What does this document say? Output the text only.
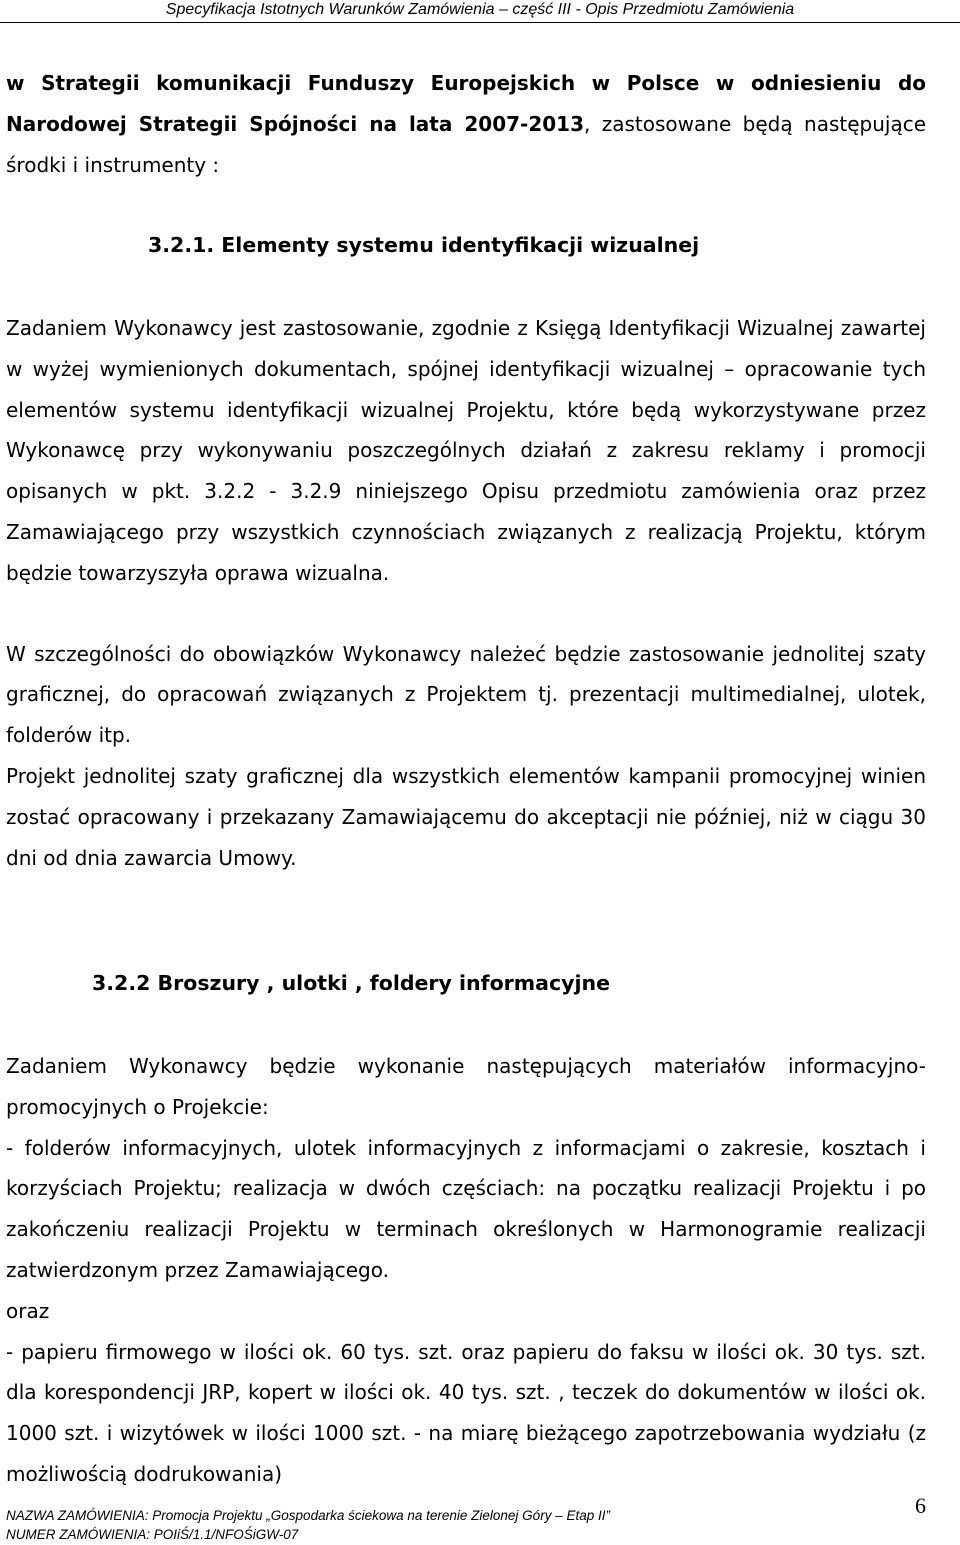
Specyfikacja Istotnych Warunków Zamówienia – część III - Opis Przedmiotu Zamówienia

w Strategii komunikacji Funduszy Europejskich w Polsce w odniesieniu do Narodowej Strategii Spójności na lata 2007-2013, zastosowane będą następujące środki i instrumenty :

3.2.1. Elementy systemu identyfikacji wizualnej

Zadaniem Wykonawcy jest zastosowanie, zgodnie z Księgą Identyfikacji Wizualnej zawartej w wyżej wymienionych dokumentach, spójnej identyfikacji wizualnej – opracowanie tych elementów systemu identyfikacji wizualnej Projektu, które będą wykorzystywane przez Wykonawcę przy wykonywaniu poszczególnych działań z zakresu reklamy i promocji opisanych w pkt. 3.2.2 - 3.2.9 niniejszego Opisu przedmiotu zamówienia oraz przez Zamawiającego przy wszystkich czynnościach związanych z realizacją Projektu, którym będzie towarzyszyła oprawa wizualna.

W szczególności do obowiązków Wykonawcy należeć będzie zastosowanie jednolitej szaty graficznej, do opracowań związanych z Projektem tj. prezentacji multimedialnej, ulotek, folderów itp.

Projekt jednolitej szaty graficznej dla wszystkich elementów kampanii promocyjnej winien zostać opracowany i przekazany Zamawiającemu do akceptacji nie później, niż w ciągu 30 dni od dnia zawarcia Umowy.

3.2.2 Broszury , ulotki , foldery informacyjne

Zadaniem Wykonawcy będzie wykonanie następujących materiałów informacyjno-promocyjnych o Projekcie:

- folderów informacyjnych, ulotek informacyjnych z informacjami o zakresie, kosztach i korzyściach Projektu; realizacja w dwóch częściach: na początku realizacji Projektu i po zakończeniu realizacji Projektu w terminach określonych w Harmonogramie realizacji zatwierdzonym przez Zamawiającego.

oraz

- papieru firmowego w ilości ok. 60 tys. szt. oraz papieru do faksu w ilości ok. 30 tys. szt. dla korespondencji JRP, kopert w ilości ok. 40 tys. szt. , teczek do dokumentów w ilości ok. 1000 szt. i wizytówek w ilości 1000 szt. - na miarę bieżącego zapotrzebowania wydziału (z możliwością dodrukowania)

NAZWA ZAMÓWIENIA: Promocja Projektu „Gospodarka ściekowa na terenie Zielonej Góry – Etap II”
NUMER ZAMÓWIENIA: POIiŚ/1.1/NFOŚiGW-07
6
